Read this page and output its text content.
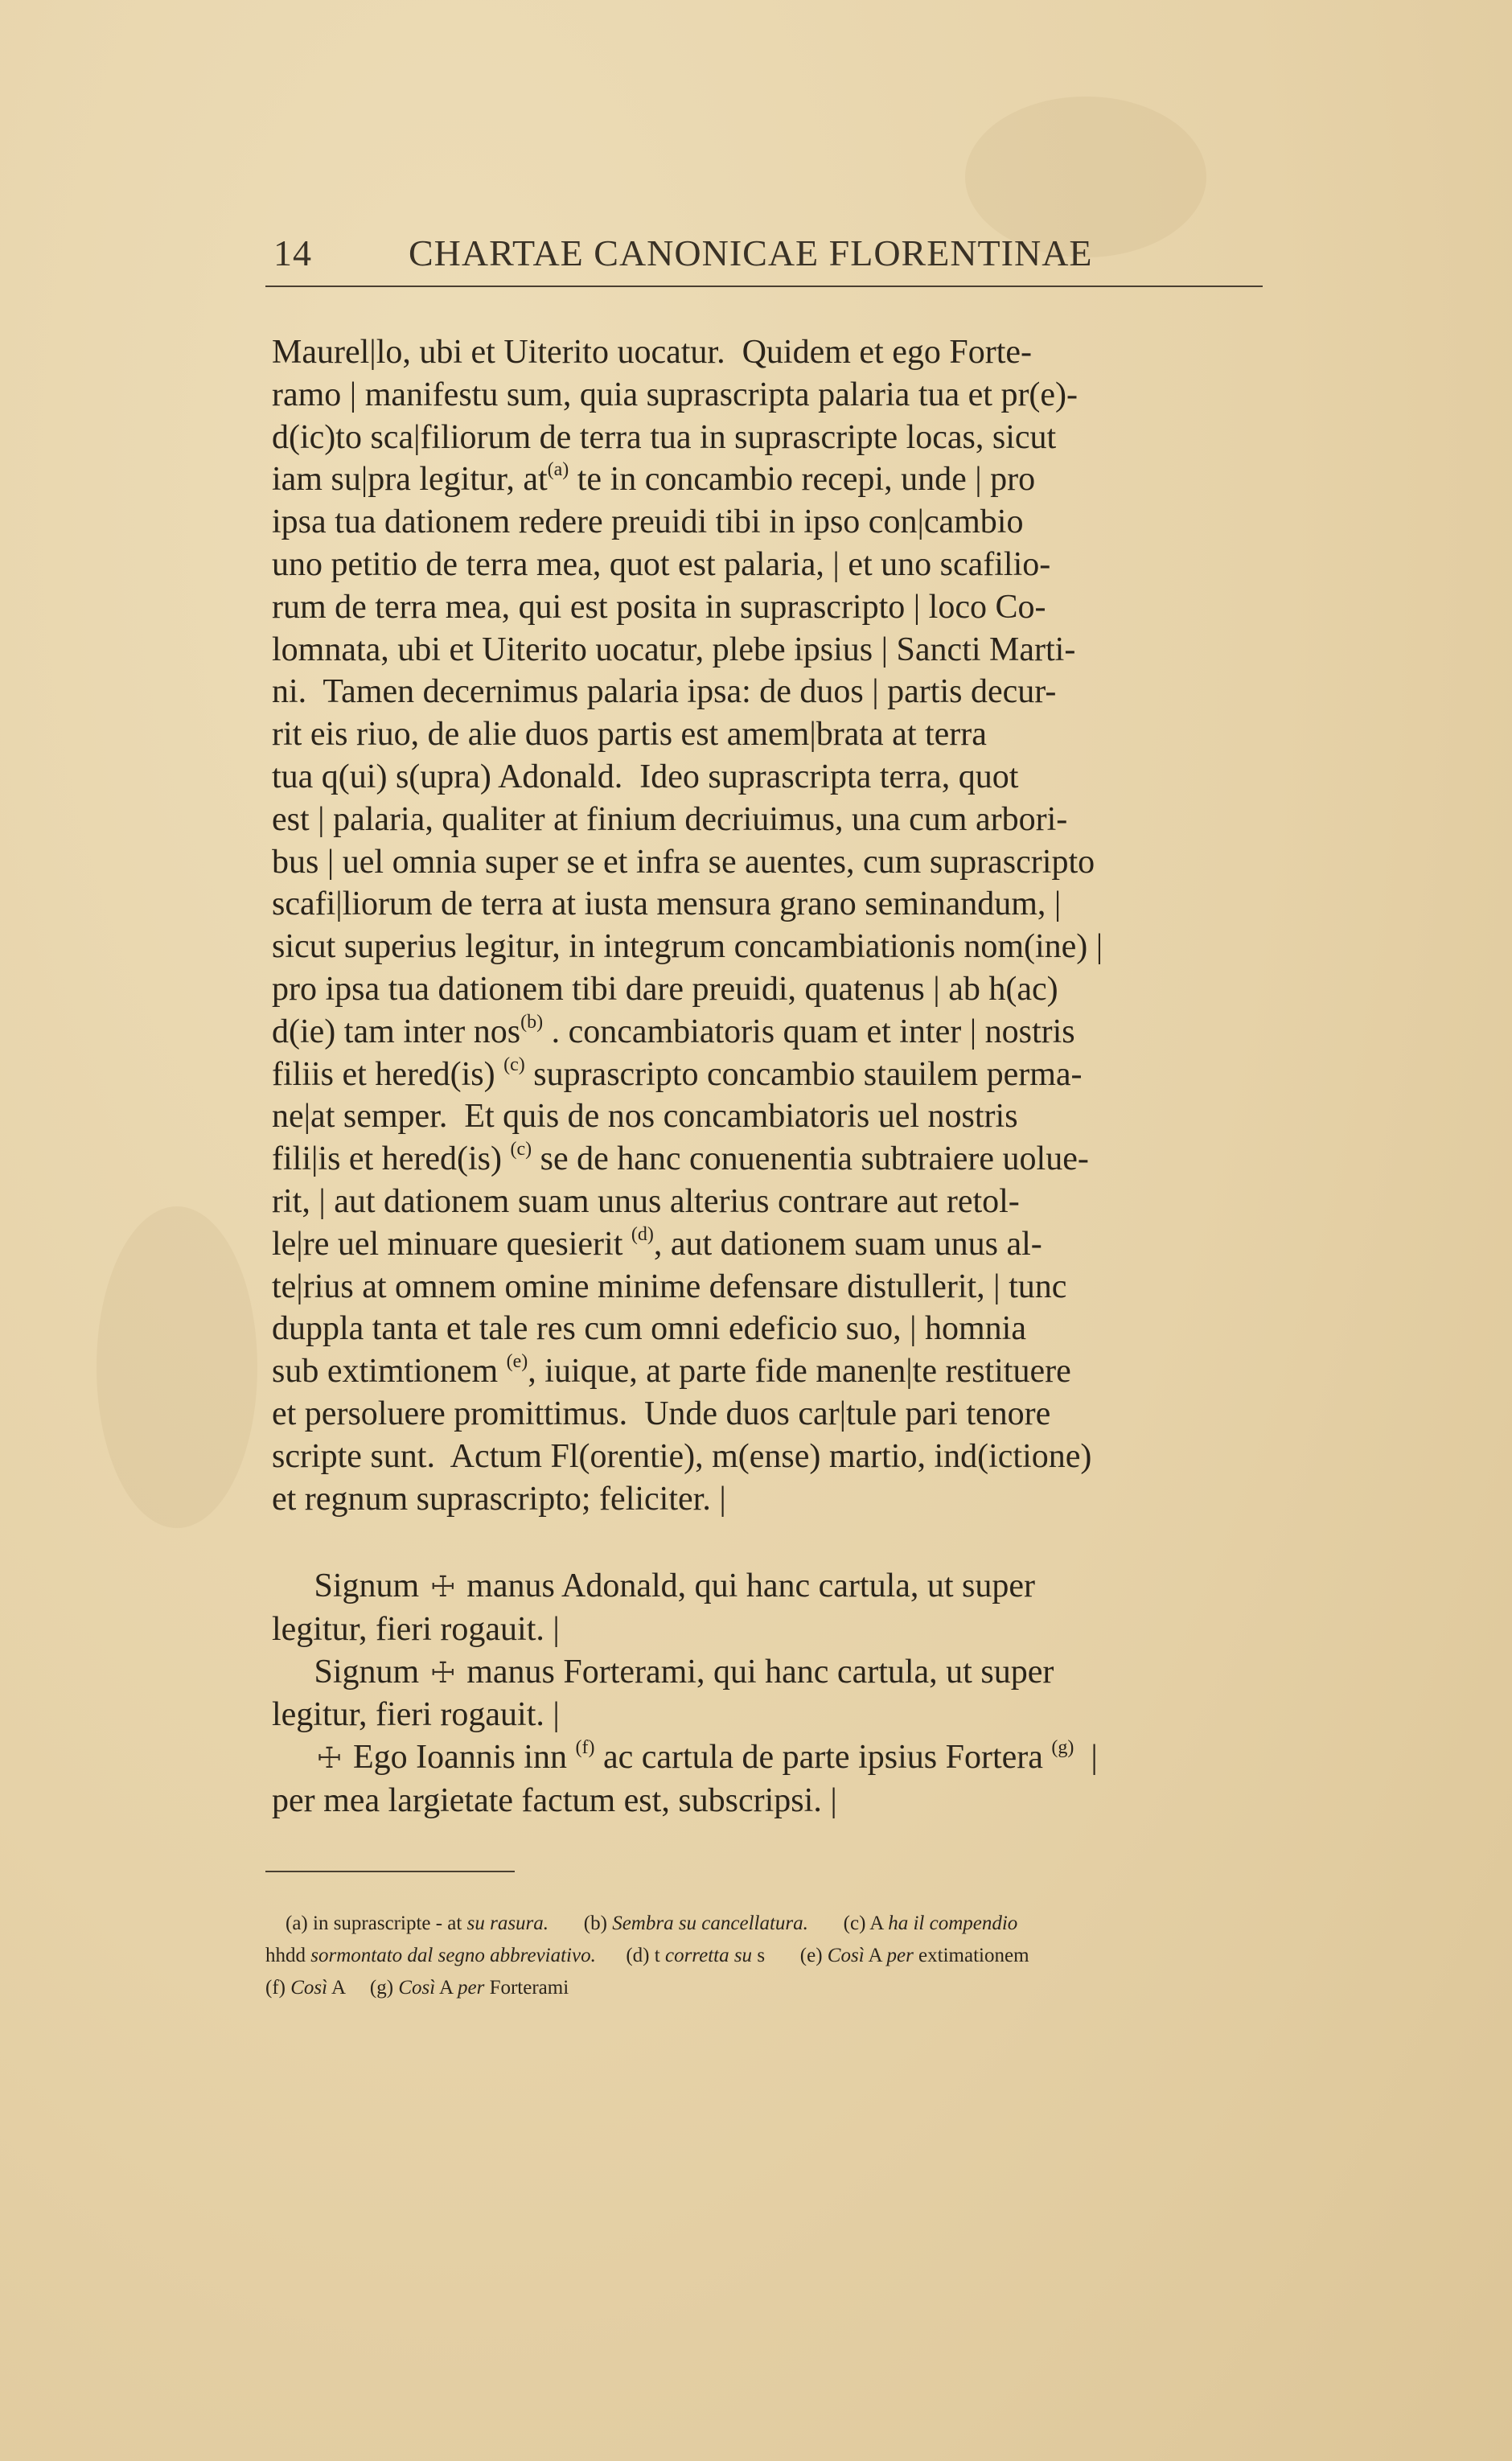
14	CHARTAE CANONICAE FLORENTINAE
Maurel|lo, ubi et Uiterito uocatur.  Quidem et ego Forte-
ramo | manifestu sum, quia suprascripta palaria tua et pr(e)-
d(ic)to sca|filiorum de terra tua in suprascripte locas, sicut
iam su|pra legitur, $at^{(a)}$ te in concambio recepi, unde | pro
ipsa tua dationem redere preuidi tibi in ipso con|cambio
uno petitio de terra mea, quot est palaria, | et uno scafilio-
rum de terra mea, qui est posita in suprascripto | loco Co-
lomnata, ubi et Uiterito uocatur, plebe ipsius | Sancti Marti-
ni.  Tamen decernimus palaria ipsa: de duos | partis decur-
rit eis riuo, de alie duos partis est amem|brata at terra
tua q(ui) s(upra) Adonald.  Ideo suprascripta terra, quot
est | palaria, qualiter at finium decriuimus, una cum arbori-
bus | uel omnia super se et infra se auentes, cum suprascripto
scafi|liorum de terra at iusta mensura grano seminandum, |
sicut superius legitur, in integrum concambiationis nom(ine) |
pro ipsa tua dationem tibi dare preuidi, quatenus | ab h(ac)
d(ie) tam inter nos$^{(b)}$ . concambiatoris quam et inter | nostris
filiis et hered(is) $^{(c)}$ suprascripto concambio stauilem perma-
ne|at semper.  Et quis de nos concambiatoris uel nostris
fili|is et hered(is) $^{(c)}$ se de hanc conuenentia subtraiere uolue-
rit, | aut dationem suam unus alterius contrare aut retol-
le|re uel minuare quesierit $^{(d)}$, aut dationem suam unus al-
te|rius at omnem omine minime defensare distullerit, | tunc
duppla tanta et tale res cum omni edeficio suo, | homnia
sub extimtionem $^{(e)}$, iuique, at parte fide manen|te restituere
et persoluere promittimus.  Unde duos car|tule pari tenore
scripte sunt.  Actum Fl(orentie), m(ense) martio, ind(ictione)
et regnum suprascripto; feliciter. |
Signum ☩ manus Adonald, qui hanc cartula, ut super
legitur, fieri rogauit. |
Signum ☩ manus Forterami, qui hanc cartula, ut super
legitur, fieri rogauit. |
☩ Ego Ioannis inn $^{(f)}$ ac cartula de parte ipsius Fortera $^{(g)}$ |
per mea largietate factum est, subscripsi. |
(a) in suprascripte - at su rasura. (b) Sembra su cancellatura. (c) A ha il compendio
hhdd sormontato dal segno abbreviativo. (d) t corretta su s (e) Così A per extimationem
(f) Così A (g) Così A per Forterami
